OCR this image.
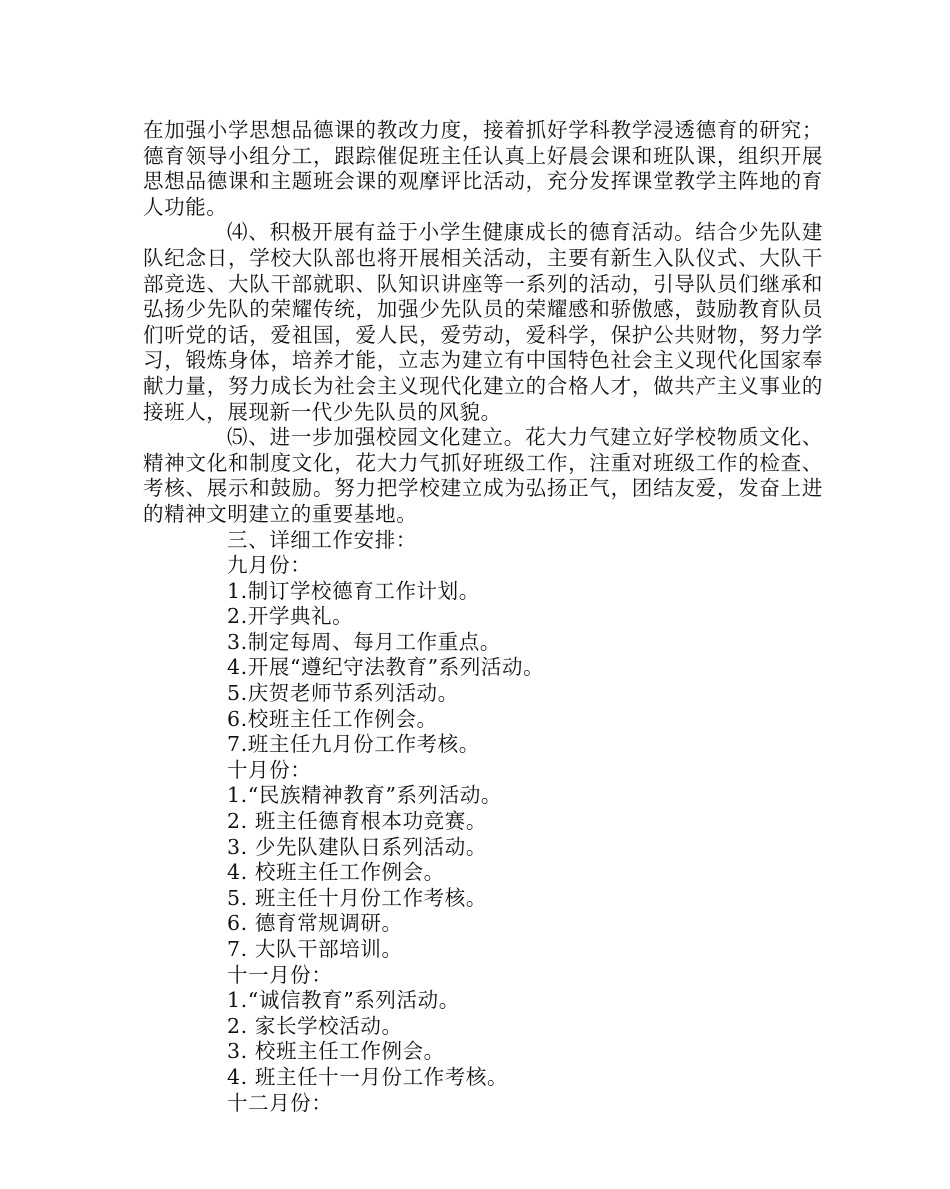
在加强小学思想品德课的教改力度，接着抓好学科教学浸透德育的研究；德育领导小组分工，跟踪催促班主任认真上好晨会课和班队课，组织开展思想品德课和主题班会课的观摩评比活动，充分发挥课堂教学主阵地的育人功能。

⑷、积极开展有益于小学生健康成长的德育活动。结合少先队建队纪念日，学校大队部也将开展相关活动，主要有新生入队仪式、大队干部竞选、大队干部就职、队知识讲座等一系列的活动，引导队员们继承和弘扬少先队的荣耀传统，加强少先队员的荣耀感和骄傲感，鼓励教育队员们听党的话，爱祖国，爱人民，爱劳动，爱科学，保护公共财物，努力学习，锻炼身体，培养才能，立志为建立有中国特色社会主义现代化国家奉献力量，努力成长为社会主义现代化建立的合格人才，做共产主义事业的接班人，展现新一代少先队员的风貌。

⑸、进一步加强校园文化建立。花大力气建立好学校物质文化、精神文化和制度文化，花大力气抓好班级工作，注重对班级工作的检查、考核、展示和鼓励。努力把学校建立成为弘扬正气，团结友爱，发奋上进的精神文明建立的重要基地。

三、详细工作安排：

九月份：

1.制订学校德育工作计划。

2.开学典礼。

3.制定每周、每月工作重点。

4.开展“遵纪守法教育”系列活动。

5.庆贺老师节系列活动。

6.校班主任工作例会。

7.班主任九月份工作考核。

十月份：

1.“民族精神教育”系列活动。

2. 班主任德育根本功竞赛。

3. 少先队建队日系列活动。

4. 校班主任工作例会。

5. 班主任十月份工作考核。

6. 德育常规调研。

7. 大队干部培训。

十一月份：

1.“诚信教育”系列活动。

2. 家长学校活动。

3. 校班主任工作例会。

4. 班主任十一月份工作考核。

十二月份：
